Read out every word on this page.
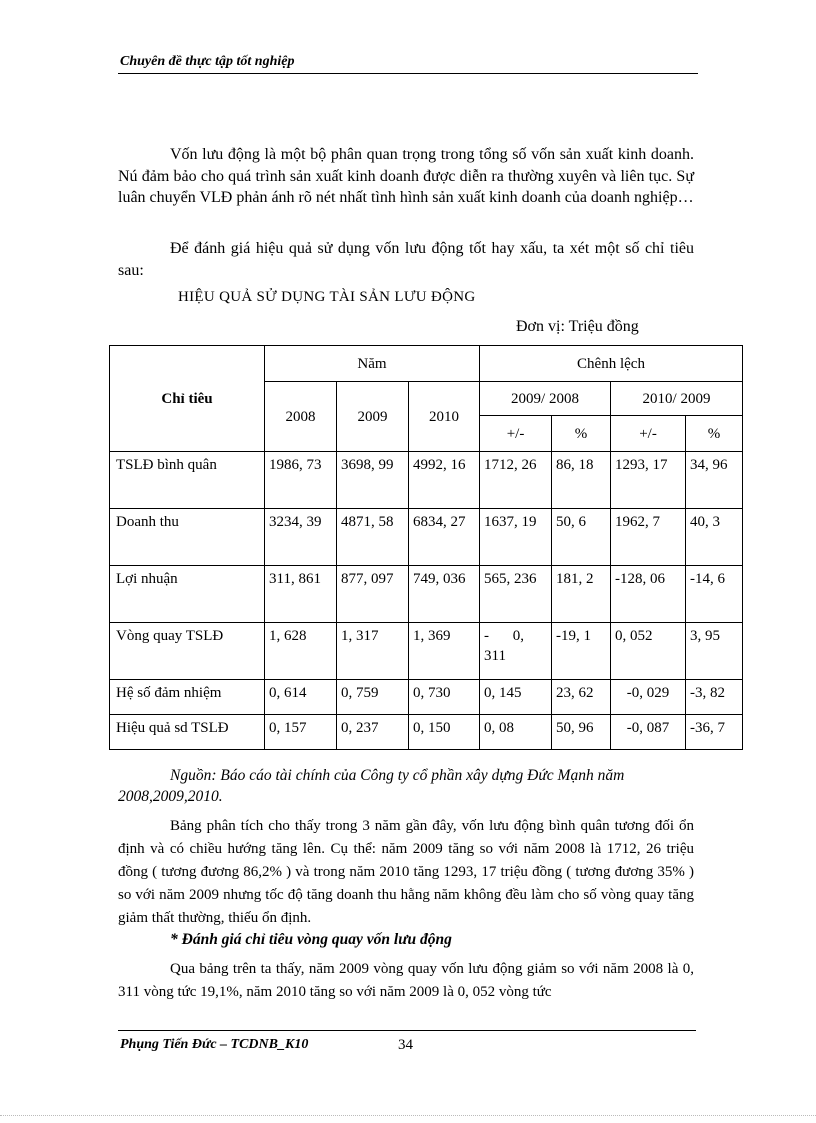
Chuyên đề thực tập tốt nghiệp
Vốn lưu động là một bộ phân quan trọng trong tổng số vốn sản xuất kinh doanh. Nú đảm bảo cho quá trình sản xuất kinh doanh được diễn ra thường xuyên và liên tục. Sự luân chuyển VLĐ phản ánh rõ nét nhất tình hình sản xuất kinh doanh của doanh nghiệp…
Để đánh giá hiệu quả sử dụng vốn lưu động tốt hay xấu, ta xét một số chỉ tiêu sau:
HIỆU QUẢ SỬ DỤNG TÀI SẢN LƯU ĐỘNG
Đơn vị: Triệu đồng
Chỉ tiêu	Năm			Chênh lệch			
	2008	2009	2010	2009/ 2008		2010/ 2009	
				+/-	%	+/-	%
TSLĐ bình quân	1986, 73	3698, 99	4992, 16	1712, 26	86, 18	1293, 17	34, 96
Doanh thu	3234, 39	4871, 58	6834, 27	1637, 19	50, 6	1962, 7	40, 3
Lợi nhuận	311, 861	877, 097	749, 036	565, 236	181, 2	-128, 06	-14, 6
Vòng quay TSLĐ	1, 628	1, 317	1, 369	- 0, 311	-19, 1	0, 052	3, 95
Hệ số đảm nhiệm	0, 614	0, 759	0, 730	0, 145	23, 62	-0, 029	-3, 82
Hiệu quả sd TSLĐ	0, 157	0, 237	0, 150	0, 08	50, 96	-0, 087	-36, 7
Nguồn: Báo cáo tài chính của Công ty cổ phần xây dựng Đức Mạnh năm 2008,2009,2010.
Bảng phân tích cho thấy trong 3 năm gần đây, vốn lưu động bình quân tương đối ổn định và có chiều hướng tăng lên. Cụ thể: năm 2009 tăng so với năm 2008 là 1712, 26 triệu đồng ( tương đương 86,2% ) và trong năm 2010 tăng 1293, 17 triệu đồng ( tương đương 35% ) so với năm 2009 nhưng tốc độ tăng doanh thu hằng năm không đều làm cho số vòng quay tăng giảm thất thường, thiếu ổn định.
* Đánh giá chỉ tiêu vòng quay vốn lưu động
Qua bảng trên ta thấy, năm 2009 vòng quay vốn lưu động giảm so với năm 2008 là 0, 311 vòng tức 19,1%, năm 2010 tăng so với năm 2009 là 0, 052 vòng tức
Phụng Tiến Đức – TCDNB_K10	34
